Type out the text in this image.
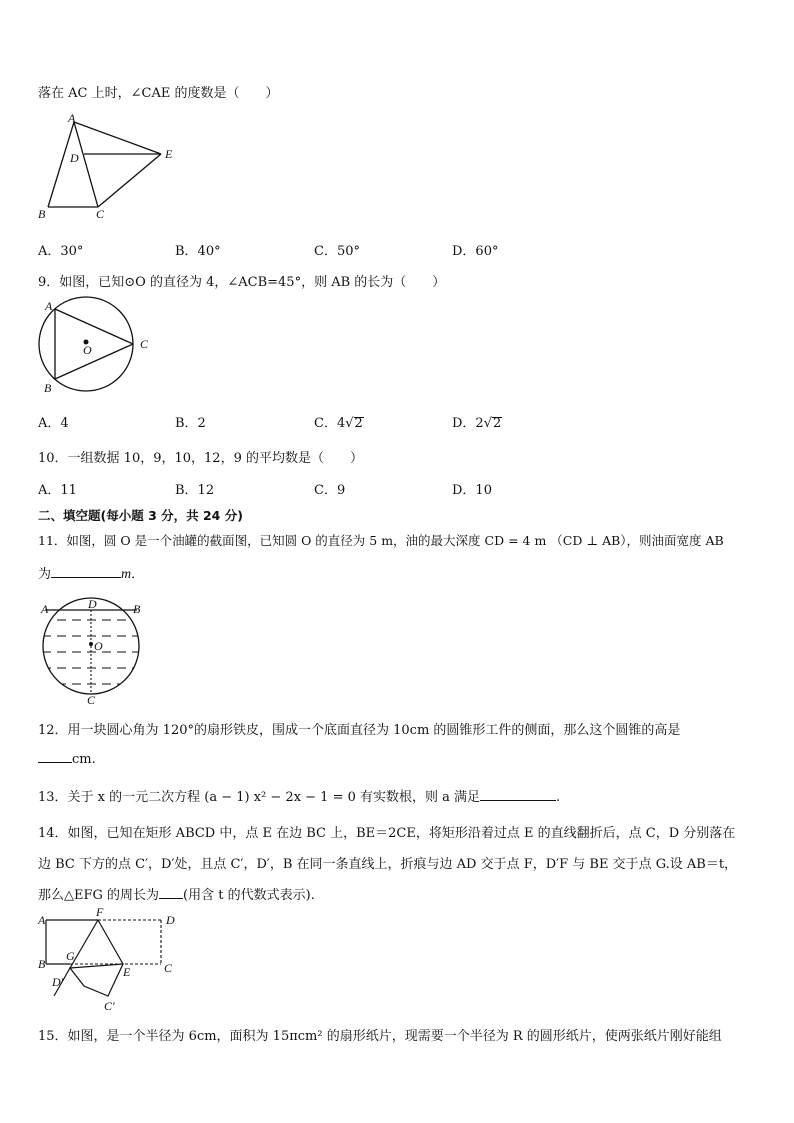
落在 AC 上时，∠CAE 的度数是（　　）
A
B	C
D	E
A．30°	B．40°	C．50°	D．60°
9．如图，已知⊙O 的直径为 4，∠ACB=45°，则 AB 的长为（　　）
A
O	C
B
A．4	B．2	C．4√2	D．2√2
10．一组数据 10，9，10，12，9 的平均数是（　　）
A．11	B．12	C．9	D．10
二、填空题(每小题 3 分，共 24 分)
11．如图，圆 O 是一个油罐的截面图，已知圆 O 的直径为 5 m，油的最大深度 CD = 4 m （CD ⊥ AB），则油面宽度 AB
为	m．
A	D	B
O
C
12．用一块圆心角为 120°的扇形铁皮，围成一个底面直径为 10cm 的圆锥形工件的侧面，那么这个圆锥的高是
cm.
13．关于 x 的一元二次方程 (a − 1) x² − 2x − 1 = 0 有实数根，则 a 满足	.
14．如图，已知在矩形 ABCD 中，点 E 在边 BC 上，BE＝2CE，将矩形沿着过点 E 的直线翻折后，点 C，D 分别落在
边 BC 下方的点 C′，D′处，且点 C′，D′，B 在同一条直线上，折痕与边 AD 交于点 F，D′F 与 BE 交于点 G.设 AB＝t，
那么△EFG 的周长为 (用含 t 的代数式表示).
A
F
D
G
B
E	C
D′
C′
15．如图，是一个半径为 6cm，面积为 15πcm² 的扇形纸片，现需要一个半径为 R 的圆形纸片，使两张纸片刚好能组
